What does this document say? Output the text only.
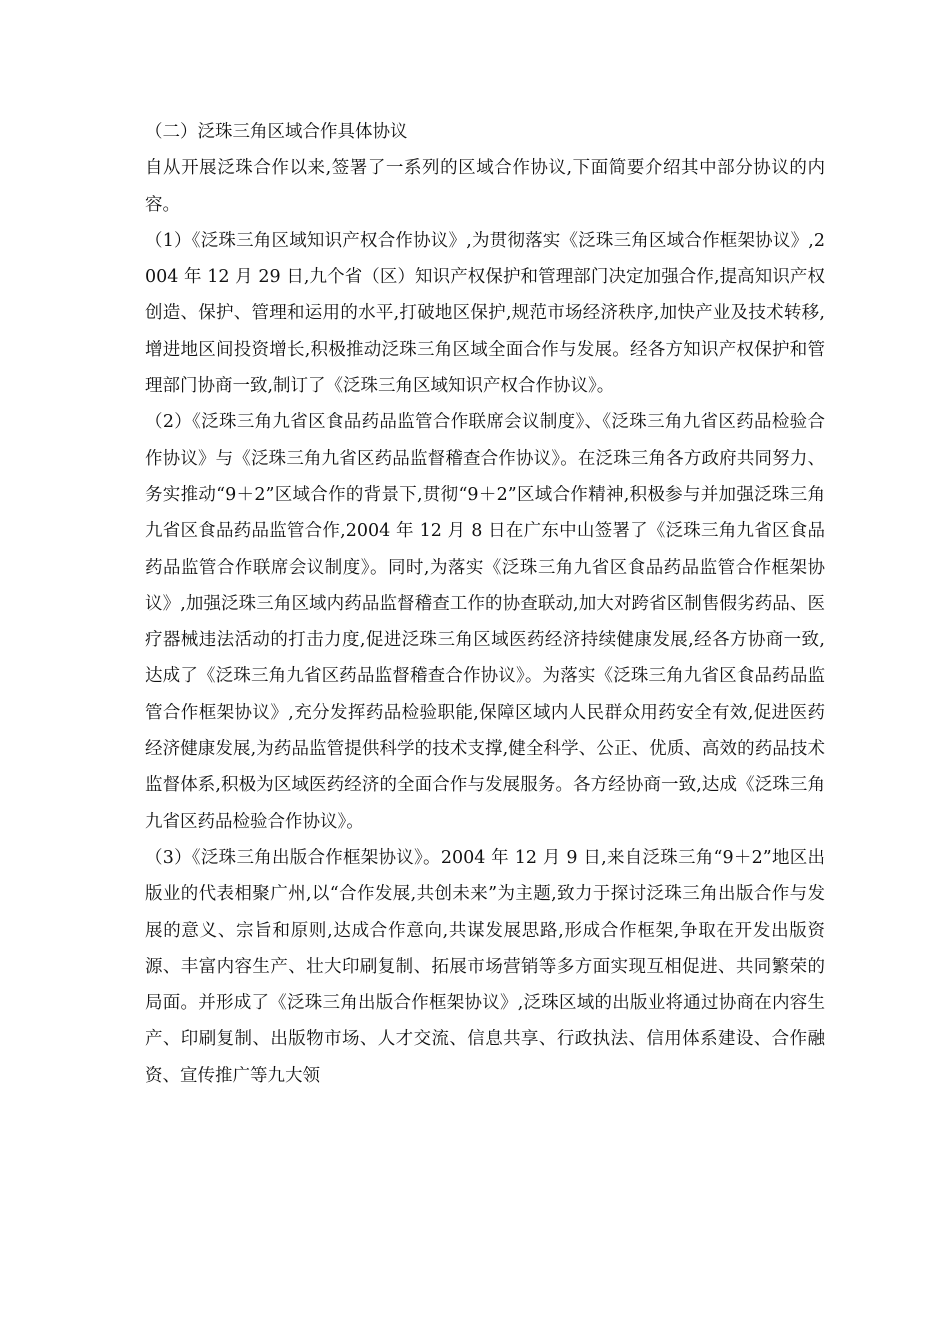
（二）泛珠三角区域合作具体协议

自从开展泛珠合作以来,签署了一系列的区域合作协议,下面简要介绍其中部分协议的内容。

（1）《泛珠三角区域知识产权合作协议》,为贯彻落实《泛珠三角区域合作框架协议》,2004 年 12 月 29 日,九个省（区）知识产权保护和管理部门决定加强合作,提高知识产权创造、保护、管理和运用的水平,打破地区保护,规范市场经济秩序,加快产业及技术转移,增进地区间投资增长,积极推动泛珠三角区域全面合作与发展。经各方知识产权保护和管理部门协商一致,制订了《泛珠三角区域知识产权合作协议》。

（2）《泛珠三角九省区食品药品监管合作联席会议制度》、《泛珠三角九省区药品检验合作协议》与《泛珠三角九省区药品监督稽查合作协议》。在泛珠三角各方政府共同努力、务实推动“9＋2”区域合作的背景下,贯彻“9＋2”区域合作精神,积极参与并加强泛珠三角九省区食品药品监管合作,2004 年 12 月 8 日在广东中山签署了《泛珠三角九省区食品药品监管合作联席会议制度》。同时,为落实《泛珠三角九省区食品药品监管合作框架协议》,加强泛珠三角区域内药品监督稽查工作的协查联动,加大对跨省区制售假劣药品、医疗器械违法活动的打击力度,促进泛珠三角区域医药经济持续健康发展,经各方协商一致,达成了《泛珠三角九省区药品监督稽查合作协议》。为落实《泛珠三角九省区食品药品监管合作框架协议》,充分发挥药品检验职能,保障区域内人民群众用药安全有效,促进医药经济健康发展,为药品监管提供科学的技术支撑,健全科学、公正、优质、高效的药品技术监督体系,积极为区域医药经济的全面合作与发展服务。各方经协商一致,达成《泛珠三角九省区药品检验合作协议》。

（3）《泛珠三角出版合作框架协议》。2004 年 12 月 9 日,来自泛珠三角“9＋2”地区出版业的代表相聚广州,以“合作发展,共创未来”为主题,致力于探讨泛珠三角出版合作与发展的意义、宗旨和原则,达成合作意向,共谋发展思路,形成合作框架,争取在开发出版资源、丰富内容生产、壮大印刷复制、拓展市场营销等多方面实现互相促进、共同繁荣的局面。并形成了《泛珠三角出版合作框架协议》,泛珠区域的出版业将通过协商在内容生产、印刷复制、出版物市场、人才交流、信息共享、行政执法、信用体系建设、合作融资、宣传推广等九大领
